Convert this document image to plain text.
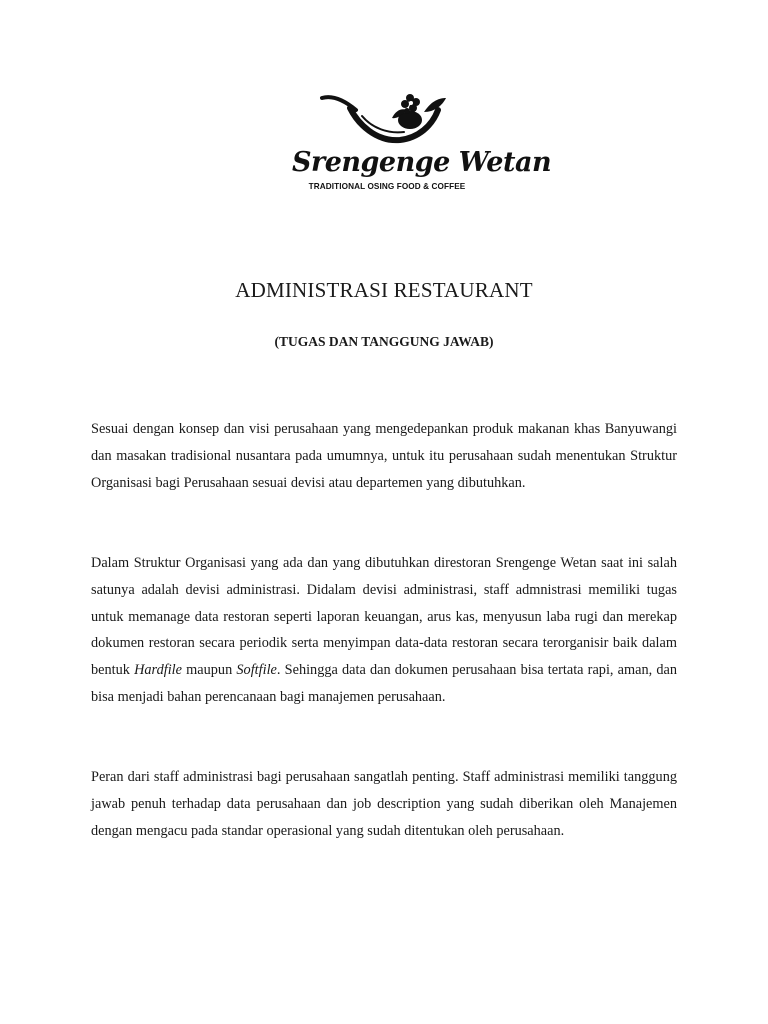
Srengenge Wetan
TRADITIONAL OSING FOOD & COFFEE
ADMINISTRASI RESTAURANT

(TUGAS DAN TANGGUNG JAWAB)

Sesuai dengan konsep dan visi perusahaan yang mengedepankan produk makanan khas Banyuwangi dan masakan tradisional nusantara pada umumnya, untuk itu perusahaan sudah menentukan Struktur Organisasi bagi Perusahaan sesuai devisi atau departemen yang dibutuhkan.

Dalam Struktur Organisasi yang ada dan yang dibutuhkan direstoran Srengenge Wetan saat ini salah satunya adalah devisi administrasi. Didalam devisi administrasi, staff admnistrasi memiliki tugas untuk memanage data restoran seperti laporan keuangan, arus kas, menyusun laba rugi dan merekap dokumen restoran secara periodik serta menyimpan data-data restoran secara terorganisir baik dalam bentuk Hardfile maupun Softfile. Sehingga data dan dokumen perusahaan bisa tertata rapi, aman, dan bisa menjadi bahan perencanaan bagi manajemen perusahaan.

Peran dari staff administrasi bagi perusahaan sangatlah penting. Staff administrasi memiliki tanggung jawab penuh terhadap data perusahaan dan job description yang sudah diberikan oleh Manajemen dengan mengacu pada standar operasional yang sudah ditentukan oleh perusahaan.
